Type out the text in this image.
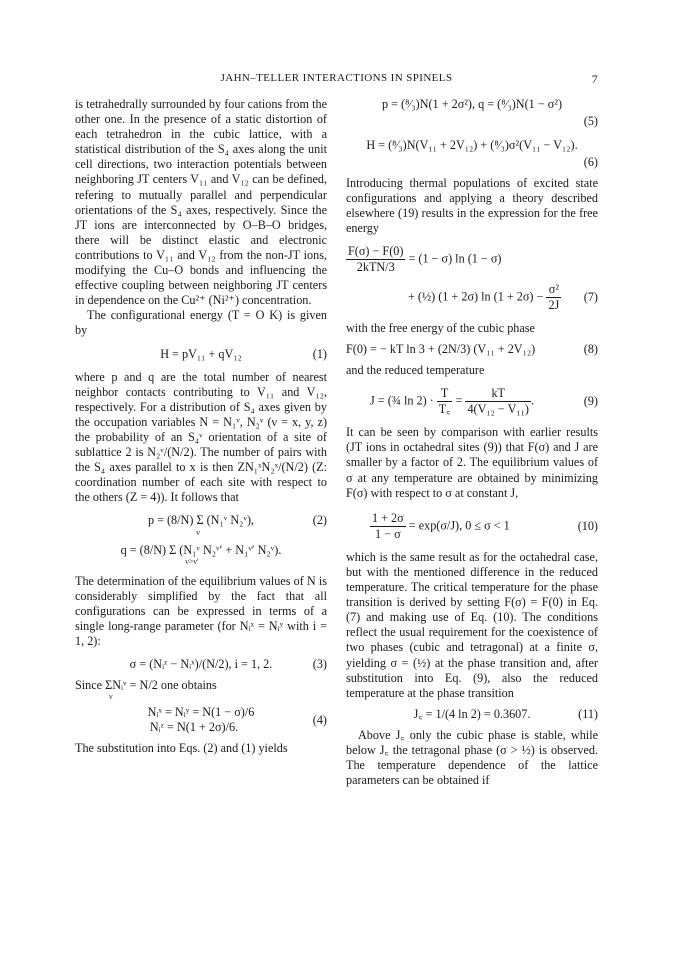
JAHN–TELLER INTERACTIONS IN SPINELS	7

is tetrahedrally surrounded by four cations from the other one. In the presence of a static distortion of each tetrahedron in the cubic lattice, with a statistical distribution of the S₄ axes along the unit cell directions, two interaction potentials between neighboring JT centers V₁₁ and V₁₂ can be defined, refering to mutually parallel and perpendicular orientations of the S₄ axes, respectively. Since the JT ions are interconnected by O–B–O bridges, there will be distinct elastic and electronic contributions to V₁₁ and V₁₂ from the non-JT ions, modifying the Cu–O bonds and influencing the effective coupling between neighboring JT centers in dependence on the Cu²⁺ (Ni²⁺) concentration.

The configurational energy (T = O K) is given by

H = pV₁₁ + qV₁₂	(1)

where p and q are the total number of nearest neighbor contacts contributing to V₁₁ and V₁₂, respectively. For a distribution of S₄ axes given by the occupation variables N = N₁ᵛ, N₂ᵛ (ν = x, y, z) the probability of an S₄ᵛ orientation of a site of sublattice 2 is N₂ᵛ/(N/2). The number of pairs with the S₄ axes parallel to x is then ZN₁ˣN₂ˣ/(N/2) (Z: coordination number of each site with respect to the others (Z = 4)). It follows that

p = (8/N) Σ (N₁ᵛ N₂ᵛ),	(2)
ν
q = (8/N) Σ (N₁ᵛ N₂ᵛ′ + N₁ᵛ′ N₂ᵛ).
ν>ν′

The determination of the equilibrium values of N is considerably simplified by the fact that all configurations can be expressed in terms of a single long-range parameter (for Nᵢˣ = Nᵢʸ with i = 1, 2):

σ = (Nᵢᶻ − Nᵢˣ)/(N/2), i = 1, 2.	(3)

Since ΣNᵢᵛ = N/2 one obtains

ν
Nᵢˣ = Nᵢʸ = N(1 − σ)/6
Nᵢᶻ = N(1 + 2σ)/6.
(4)

The substitution into Eqs. (2) and (1) yields

p = (⁸⁄₃)N(1 + 2σ²), q = (⁸⁄₃)N(1 − σ²)
(5)
H = (⁸⁄₃)N(V₁₁ + 2V₁₂) + (⁸⁄₃)σ²(V₁₁ − V₁₂).
(6)

Introducing thermal populations of excited state configurations and applying a theory described elsewhere (19) results in the expression for the free energy

$\frac{F(\sigma) - F(0)}{\text{2kTN/3}} = (1 - \sigma)$ ln (1 − σ)
+ (½) (1 + 2σ) $\ln (1 + 2\sigma) - \frac{\text{σ²}}{2J} (7)$

with the free energy of the cubic phase

F(0) = − kT ln 3 + (2N/3) (V₁₁ + 2V₁₂)	(8)

and the reduced temperature

J = (¾ $\ln 2) \cdot \frac{T}{T꜀} = \frac{kT}{\text{4(V₁₂ − V₁₁)}}$ .	(9)

It can be seen by comparison with earlier results (JT ions in octahedral sites (9)) that F(σ) and J are smaller by a factor of 2. The equilibrium values of σ at any temperature are obtained by minimizing F(σ) with respect to σ at constant J,

$\frac{1 + 2\sigma}{1 - \sigma} = \exp(\sigma/J)$, 0 ≤ σ < 1	(10)

which is the same result as for the octahedral case, but with the mentioned difference in the reduced temperature. The critical temperature for the phase transition is derived by setting F(σ) = F(0) in Eq. (7) and making use of Eq. (10). The conditions reflect the usual requirement for the coexistence of two phases (cubic and tetragonal) at a finite σ, yielding σ = (½) at the phase transition and, after substitution into Eq. (9), also the reduced temperature at the phase transition

J꜀ = 1/(4 ln 2) = 0.3607.	(11)

Above J꜀ only the cubic phase is stable, while below J꜀ the tetragonal phase (σ > ½) is observed. The temperature dependence of the lattice parameters can be obtained if
